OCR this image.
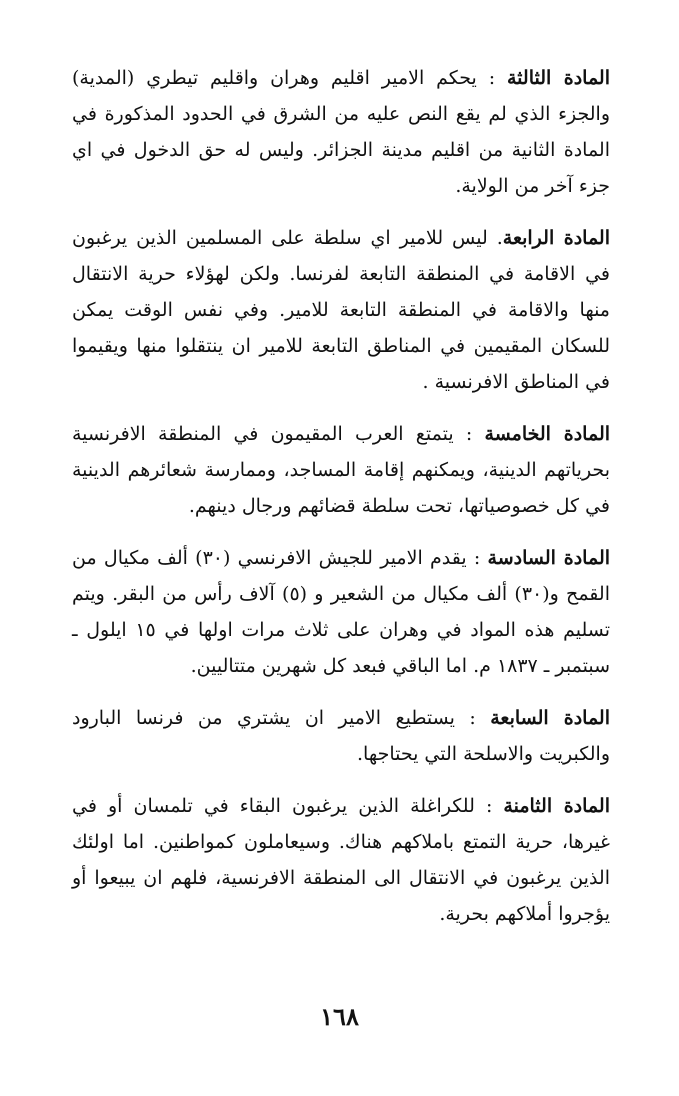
المادة الثالثة : يحكم الامير اقليم وهران واقليم تيطري (المدية) والجزء الذي لم يقع النص عليه من الشرق في الحدود المذكورة في المادة الثانية من اقليم مدينة الجزائر. وليس له حق الدخول في اي جزء آخر من الولاية.

المادة الرابعة. ليس للامير اي سلطة على المسلمين الذين يرغبون في الاقامة في المنطقة التابعة لفرنسا. ولكن لهؤلاء حرية الانتقال منها والاقامة في المنطقة التابعة للامير. وفي نفس الوقت يمكن للسكان المقيمين في المناطق التابعة للامير ان ينتقلوا منها ويقيموا في المناطق الافرنسية .

المادة الخامسة : يتمتع العرب المقيمون في المنطقة الافرنسية بحرياتهم الدينية، ويمكنهم إقامة المساجد، وممارسة شعائرهم الدينية في كل خصوصياتها، تحت سلطة قضائهم ورجال دينهم.

المادة السادسة : يقدم الامير للجيش الافرنسي (٣٠) ألف مكيال من القمح و(٣٠) ألف مكيال من الشعير و (٥) آلاف رأس من البقر. ويتم تسليم هذه المواد في وهران على ثلاث مرات اولها في ١٥ ايلول ـ سبتمبر ـ ١٨٣٧ م. اما الباقي فبعد كل شهرين متتاليين.

المادة السابعة : يستطيع الامير ان يشتري من فرنسا البارود والكبريت والاسلحة التي يحتاجها.

المادة الثامنة : للكراغلة الذين يرغبون البقاء في تلمسان أو في غيرها، حرية التمتع باملاكهم هناك. وسيعاملون كمواطنين. اما اولئك الذين يرغبون في الانتقال الى المنطقة الافرنسية، فلهم ان يبيعوا أو يؤجروا أملاكهم بحرية.

١٦٨
